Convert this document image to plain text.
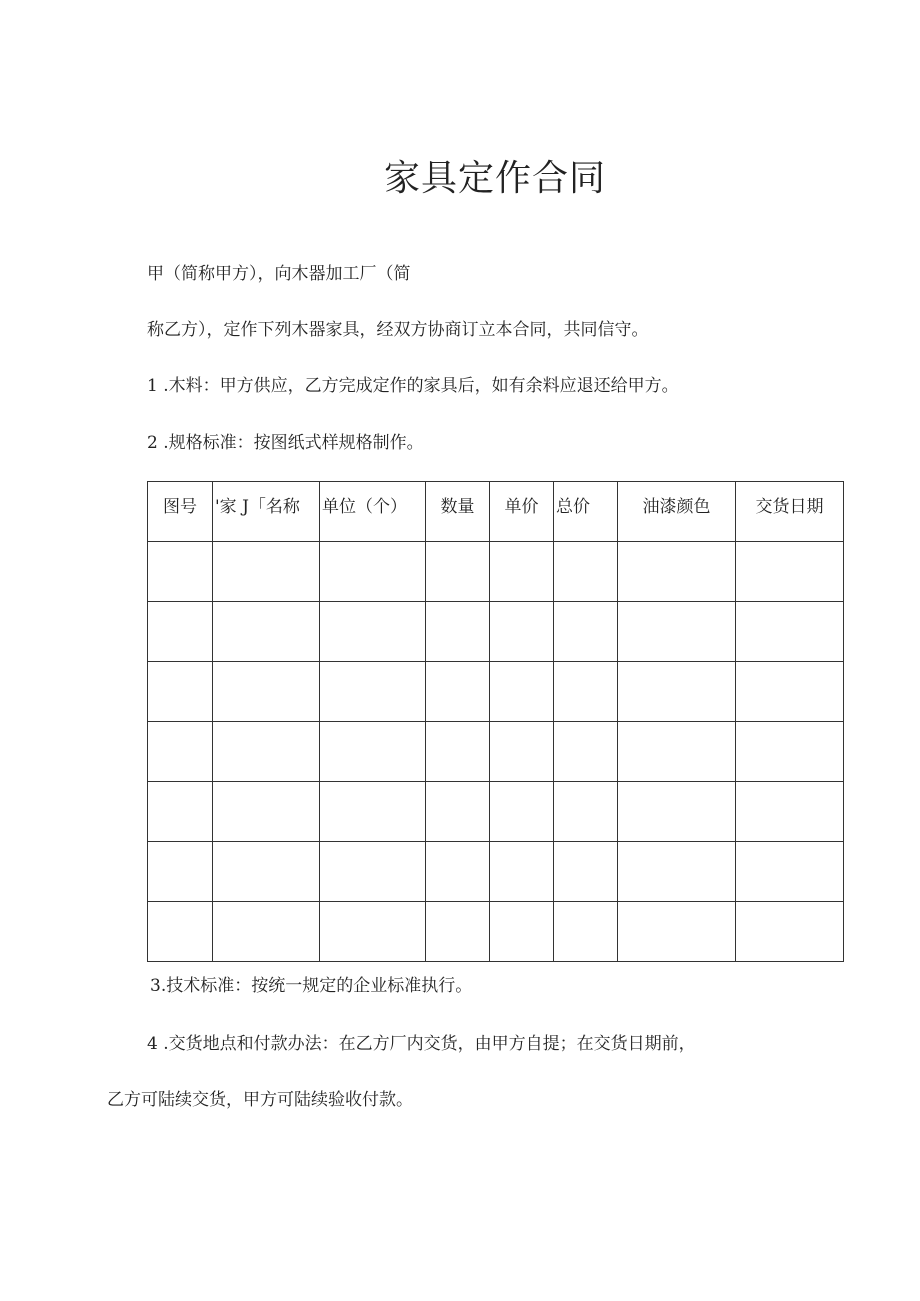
家具定作合同
甲（简称甲方），向木器加工厂（简
称乙方），定作下列木器家具，经双方协商订立本合同，共同信守。
1 .木料：甲方供应，乙方完成定作的家具后，如有余料应退还给甲方。
2 .规格标准：按图纸式样规格制作。
图号	'家 J「名称	单位（个）	数量	单价	总价	油漆颜色	交货日期

3.技术标准：按统一规定的企业标准执行。
4 .交货地点和付款办法：在乙方厂内交货，由甲方自提；在交货日期前，
乙方可陆续交货，甲方可陆续验收付款。
